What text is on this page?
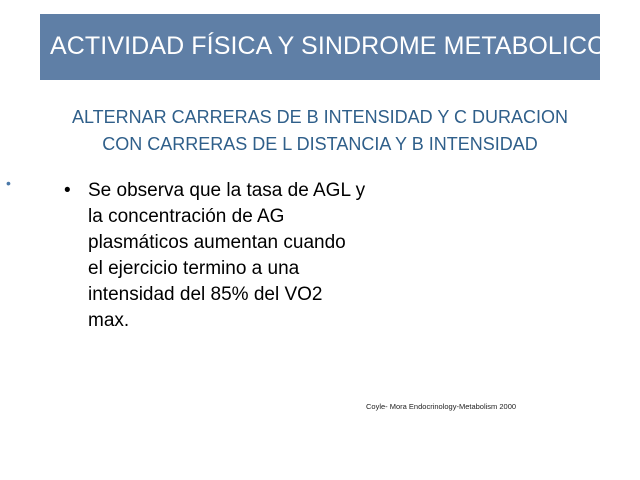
ACTIVIDAD FÍSICA Y SINDROME METABOLICO
ALTERNAR CARRERAS DE B INTENSIDAD Y C DURACION
CON CARRERAS DE L DISTANCIA Y B INTENSIDAD
•	• Se observa que la tasa de AGL y
la concentración de AG
plasmáticos aumentan cuando
el ejercicio termino a una
intensidad del 85% del VO2
max.
Coyle- Mora Endocrinology-Metabolism 2000
